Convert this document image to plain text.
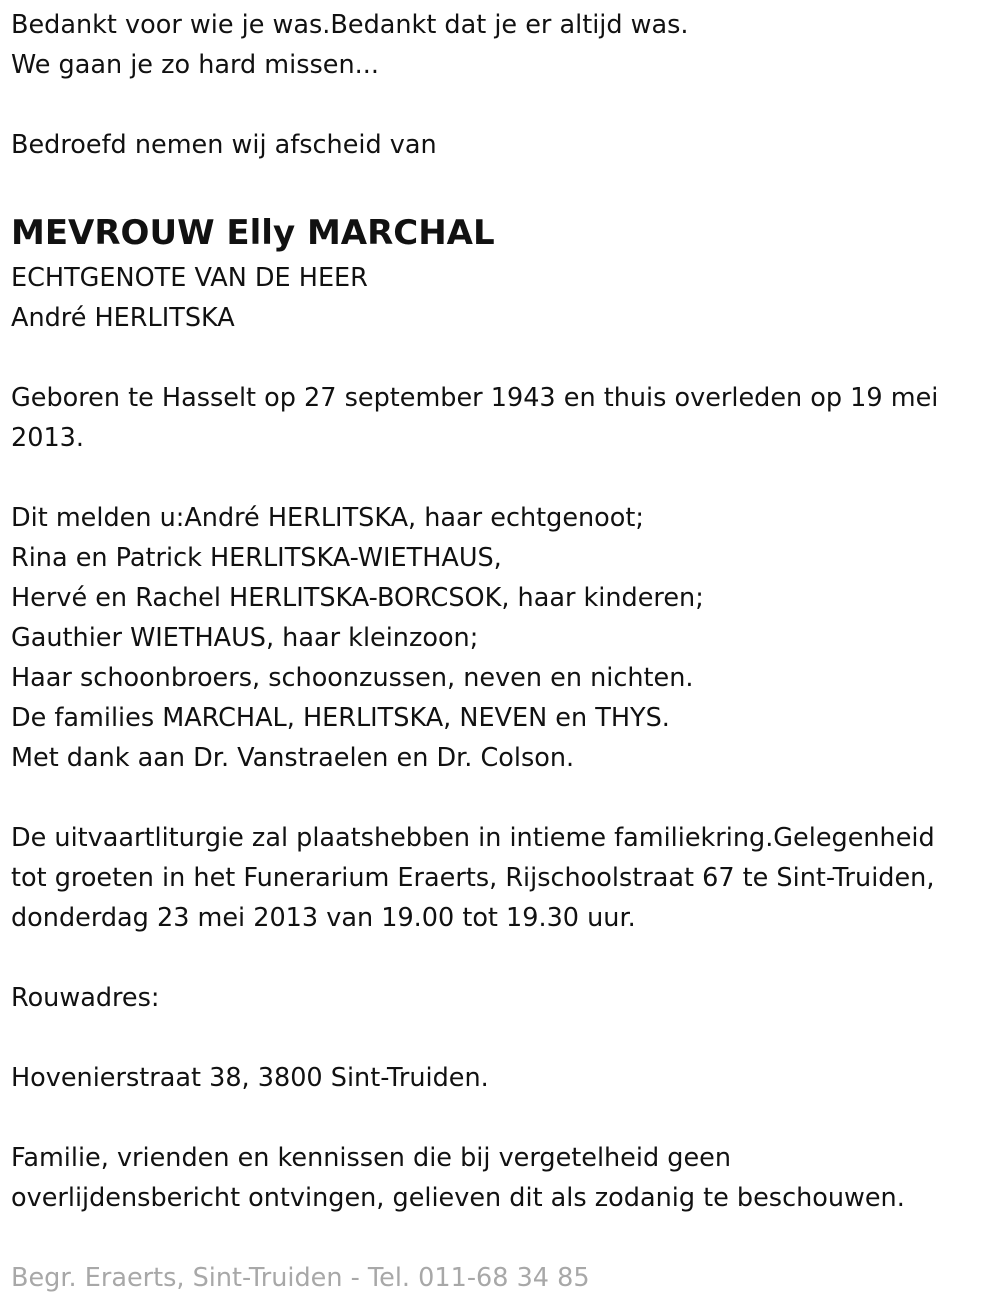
Bedankt voor wie je was.Bedankt dat je er altijd was.
We gaan je zo hard missen...
Bedroefd nemen wij afscheid van
MEVROUW Elly MARCHAL
ECHTGENOTE VAN DE HEER
André HERLITSKA
Geboren te Hasselt op 27 september 1943 en thuis overleden op 19 mei
2013.
Dit melden u:André HERLITSKA, haar echtgenoot;
Rina en Patrick HERLITSKA-WIETHAUS,
Hervé en Rachel HERLITSKA-BORCSOK, haar kinderen;
Gauthier WIETHAUS, haar kleinzoon;
Haar schoonbroers, schoonzussen, neven en nichten.
De families MARCHAL, HERLITSKA, NEVEN en THYS.
Met dank aan Dr. Vanstraelen en Dr. Colson.
De uitvaartliturgie zal plaatshebben in intieme familiekring.Gelegenheid
tot groeten in het Funerarium Eraerts, Rijschoolstraat 67 te Sint-Truiden,
donderdag 23 mei 2013 van 19.00 tot 19.30 uur.
Rouwadres:
Hovenierstraat 38, 3800 Sint-Truiden.
Familie, vrienden en kennissen die bij vergetelheid geen
overlijdensbericht ontvingen, gelieven dit als zodanig te beschouwen.
Begr. Eraerts, Sint-Truiden - Tel. 011-68 34 85
